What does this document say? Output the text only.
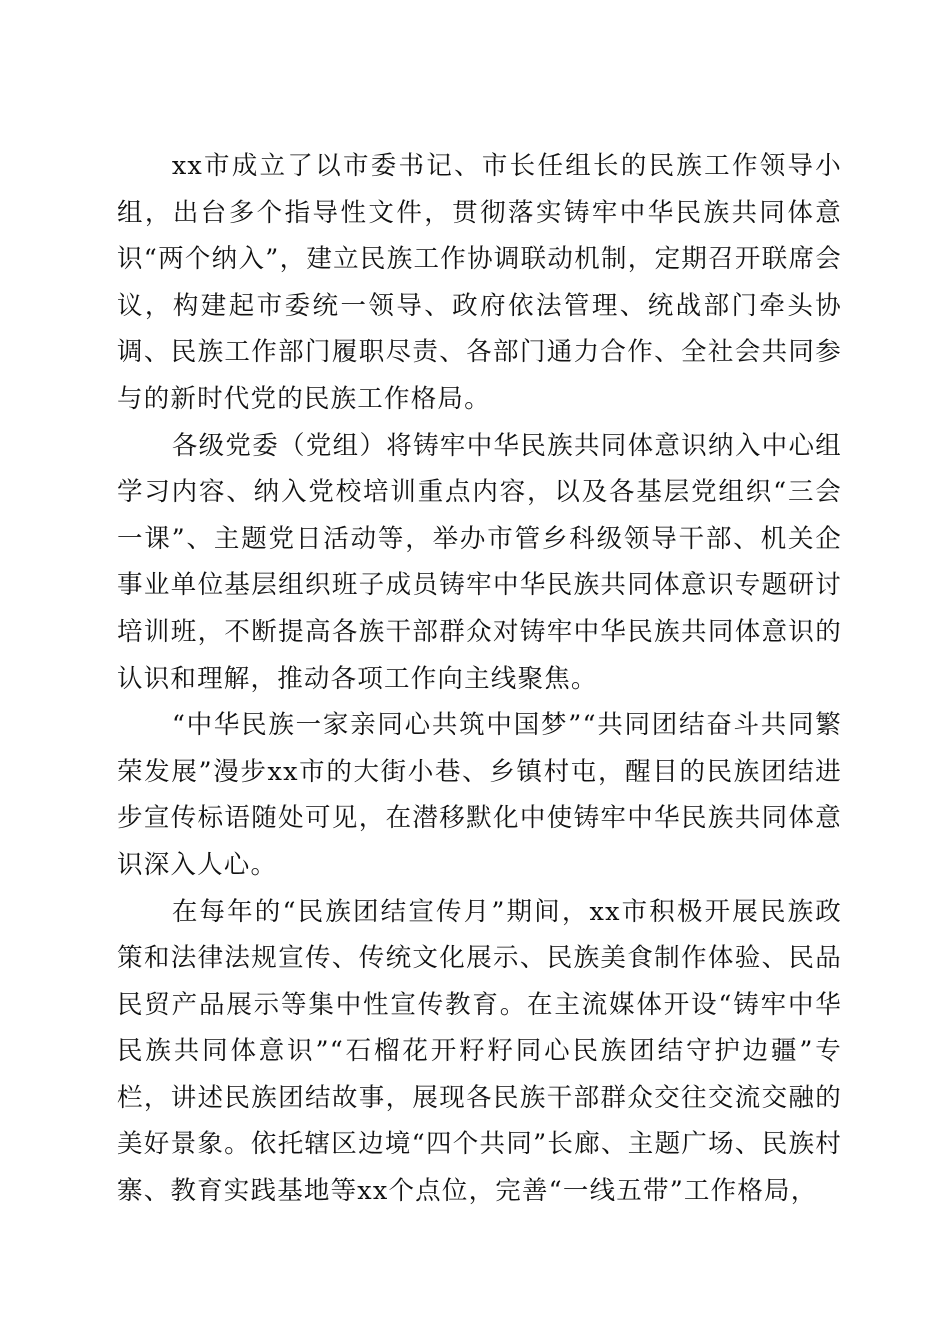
xx市成立了以市委书记、市长任组长的民族工作领导小组，出台多个指导性文件，贯彻落实铸牢中华民族共同体意识“两个纳入”，建立民族工作协调联动机制，定期召开联席会议，构建起市委统一领导、政府依法管理、统战部门牵头协调、民族工作部门履职尽责、各部门通力合作、全社会共同参与的新时代党的民族工作格局。

各级党委（党组）将铸牢中华民族共同体意识纳入中心组学习内容、纳入党校培训重点内容，以及各基层党组织“三会一课”、主题党日活动等，举办市管乡科级领导干部、机关企事业单位基层组织班子成员铸牢中华民族共同体意识专题研讨培训班，不断提高各族干部群众对铸牢中华民族共同体意识的认识和理解，推动各项工作向主线聚焦。

“中华民族一家亲同心共筑中国梦”“共同团结奋斗共同繁荣发展”漫步xx市的大街小巷、乡镇村屯，醒目的民族团结进步宣传标语随处可见，在潜移默化中使铸牢中华民族共同体意识深入人心。

在每年的“民族团结宣传月”期间，xx市积极开展民族政策和法律法规宣传、传统文化展示、民族美食制作体验、民品民贸产品展示等集中性宣传教育。在主流媒体开设“铸牢中华民族共同体意识”“石榴花开籽籽同心民族团结守护边疆”专栏，讲述民族团结故事，展现各民族干部群众交往交流交融的美好景象。依托辖区边境“四个共同”长廊、主题广场、民族村寨、教育实践基地等xx个点位，完善“一线五带”工作格局，
